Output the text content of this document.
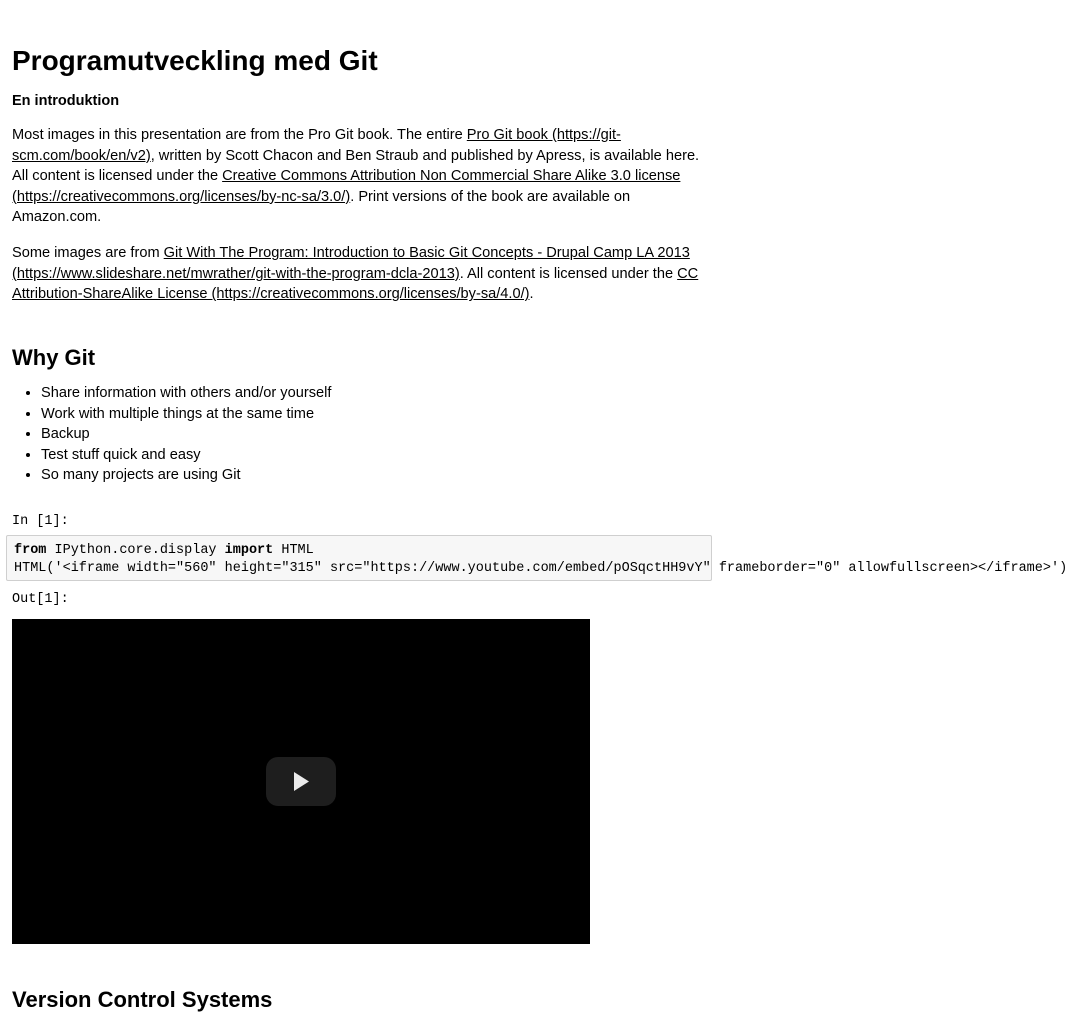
Programutveckling med Git

En introduktion

Most images in this presentation are from the Pro Git book. The entire Pro Git book (https://git-scm.com/book/en/v2), written by Scott Chacon and Ben Straub and published by Apress, is available here. All content is licensed under the Creative Commons Attribution Non Commercial Share Alike 3.0 license (https://creativecommons.org/licenses/by-nc-sa/3.0/). Print versions of the book are available on Amazon.com.

Some images are from Git With The Program: Introduction to Basic Git Concepts - Drupal Camp LA 2013 (https://www.slideshare.net/mwrather/git-with-the-program-dcla-2013). All content is licensed under the CC Attribution-ShareAlike License (https://creativecommons.org/licenses/by-sa/4.0/).

Why Git
• Share information with others and/or yourself
• Work with multiple things at the same time
• Backup
• Test stuff quick and easy
• So many projects are using Git
In [1]:
from IPython.core.display import HTML
HTML('<iframe width="560" height="315" src="https://www.youtube.com/embed/pOSqctHH9vY" frameborder="0" allowfullscreen></iframe>')
Out[1]:
Version Control Systems
